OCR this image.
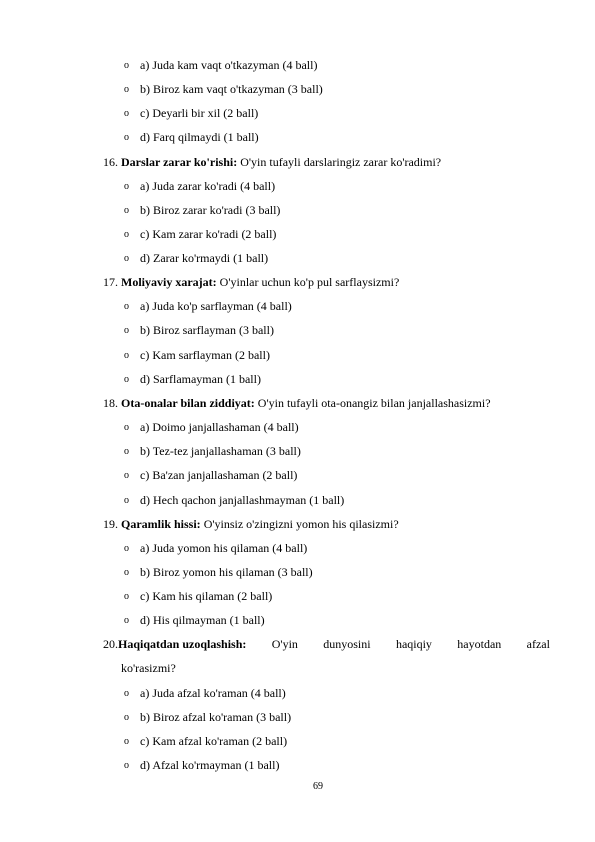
o a) Juda kam vaqt o'tkazyman (4 ball)
o b) Biroz kam vaqt o'tkazyman (3 ball)
o c) Deyarli bir xil (2 ball)
o d) Farq qilmaydi (1 ball)
16. Darslar zarar ko'rishi: O'yin tufayli darslaringiz zarar ko'radimi?
o a) Juda zarar ko'radi (4 ball)
o b) Biroz zarar ko'radi (3 ball)
o c) Kam zarar ko'radi (2 ball)
o d) Zarar ko'rmaydi (1 ball)
17. Moliyaviy xarajat: O'yinlar uchun ko'p pul sarflaysizmi?
o a) Juda ko'p sarflayman (4 ball)
o b) Biroz sarflayman (3 ball)
o c) Kam sarflayman (2 ball)
o d) Sarflamayman (1 ball)
18. Ota-onalar bilan ziddiyat: O'yin tufayli ota-onangiz bilan janjallashasizmi?
o a) Doimo janjallashaman (4 ball)
o b) Tez-tez janjallashaman (3 ball)
o c) Ba'zan janjallashaman (2 ball)
o d) Hech qachon janjallashmayman (1 ball)
19. Qaramlik hissi: O'yinsiz o'zingizni yomon his qilasizmi?
o a) Juda yomon his qilaman (4 ball)
o b) Biroz yomon his qilaman (3 ball)
o c) Kam his qilaman (2 ball)
o d) His qilmayman (1 ball)
20.Haqiqatdan uzoqlashish: O'yin dunyosini haqiqiy hayotdan afzal
ko'rasizmi?
o a) Juda afzal ko'raman (4 ball)
o b) Biroz afzal ko'raman (3 ball)
o c) Kam afzal ko'raman (2 ball)
o d) Afzal ko'rmayman (1 ball)
69
